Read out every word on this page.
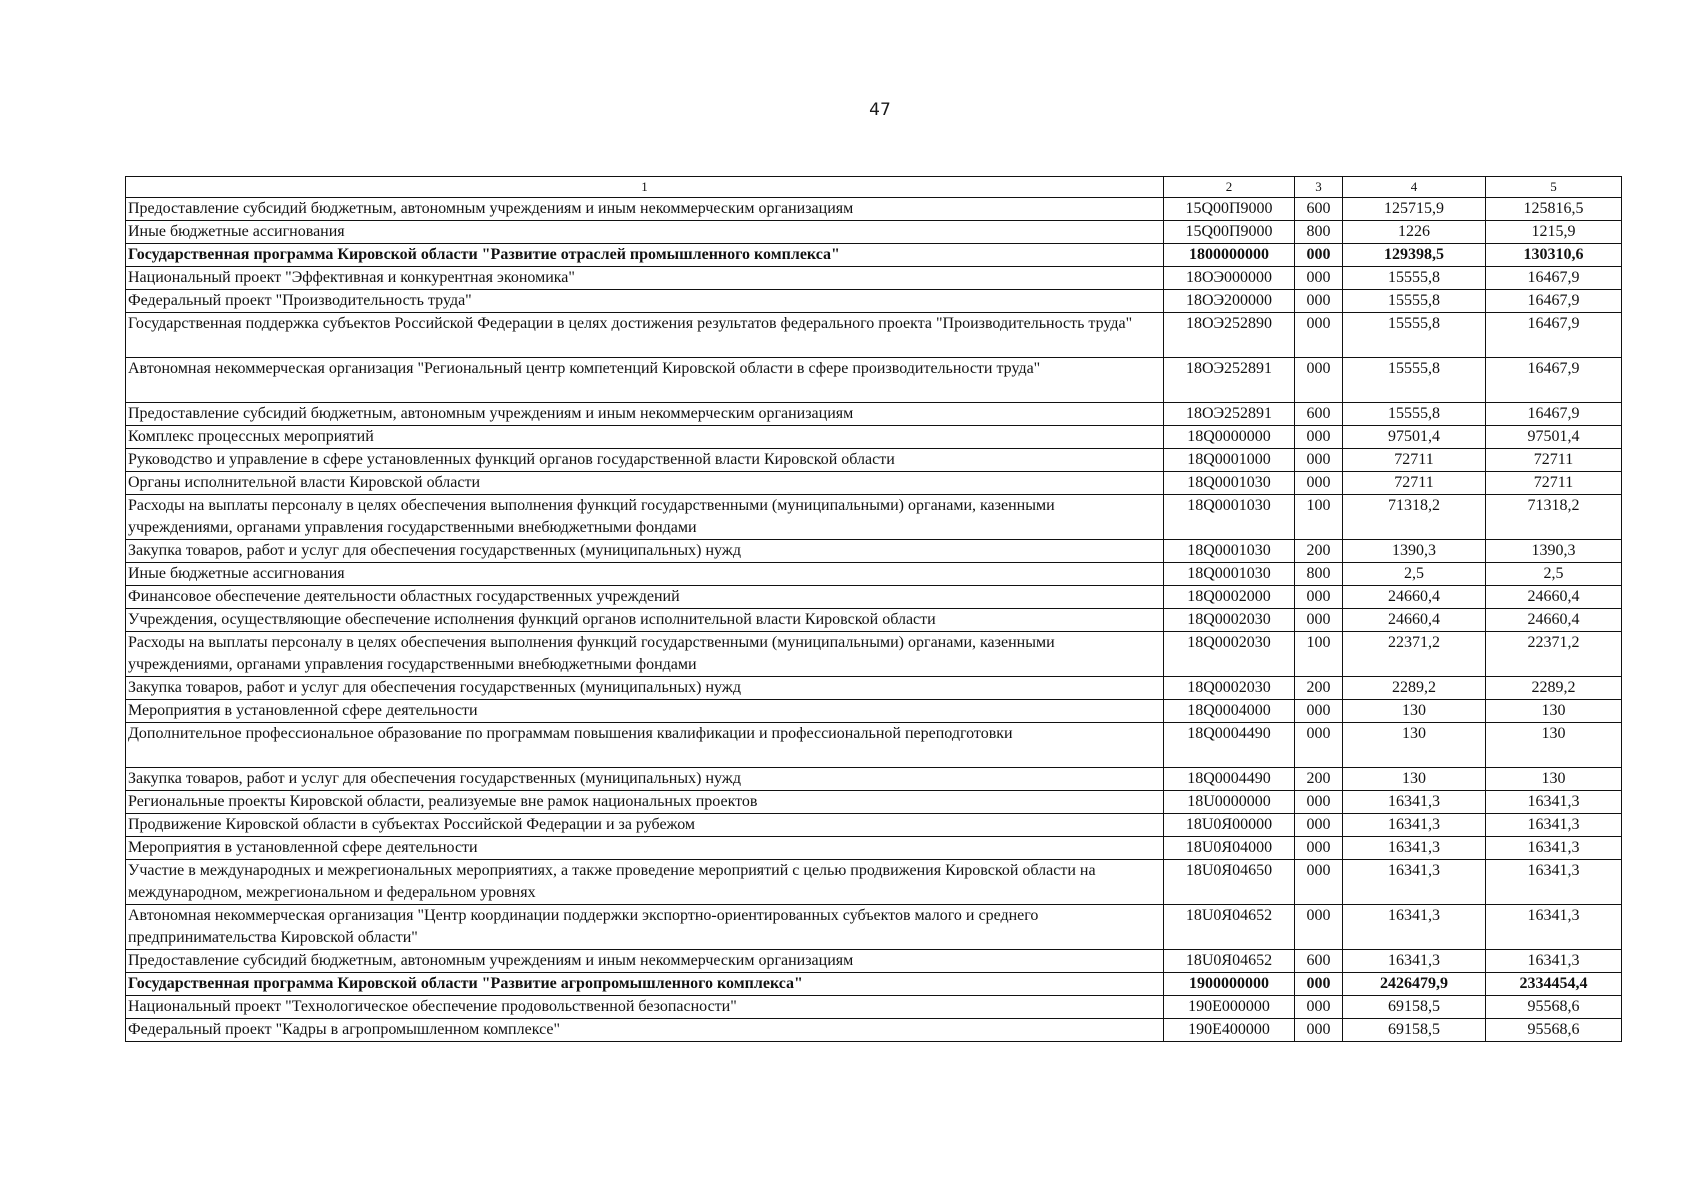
47
1	2	3	4	5
Предоставление субсидий бюджетным, автономным учреждениям и иным некоммерческим организациям	15Q00П9000	600	125715,9	125816,5
Иные бюджетные ассигнования	15Q00П9000	800	1226	1215,9
Государственная программа Кировской области "Развитие отраслей промышленного комплекса"	1800000000	000	129398,5	130310,6
Национальный проект "Эффективная и конкурентная экономика"	18ОЭ000000	000	15555,8	16467,9
Федеральный проект "Производительность труда"	18ОЭ200000	000	15555,8	16467,9
Государственная поддержка субъектов Российской Федерации в целях достижения результатов федерального проекта "Производительность труда"	18ОЭ252890	000	15555,8	16467,9
Автономная некоммерческая организация "Региональный центр компетенций Кировской области в сфере производительности труда"	18ОЭ252891	000	15555,8	16467,9
Предоставление субсидий бюджетным, автономным учреждениям и иным некоммерческим организациям	18ОЭ252891	600	15555,8	16467,9
Комплекс процессных мероприятий	18Q0000000	000	97501,4	97501,4
Руководство и управление в сфере установленных функций органов государственной власти Кировской области	18Q0001000	000	72711	72711
Органы исполнительной власти Кировской области	18Q0001030	000	72711	72711
Расходы на выплаты персоналу в целях обеспечения выполнения функций государственными (муниципальными) органами, казенными учреждениями, органами управления государственными внебюджетными фондами	18Q0001030	100	71318,2	71318,2
Закупка товаров, работ и услуг для обеспечения государственных (муниципальных) нужд	18Q0001030	200	1390,3	1390,3
Иные бюджетные ассигнования	18Q0001030	800	2,5	2,5
Финансовое обеспечение деятельности областных государственных учреждений	18Q0002000	000	24660,4	24660,4
Учреждения, осуществляющие обеспечение исполнения функций органов исполнительной власти Кировской области	18Q0002030	000	24660,4	24660,4
Расходы на выплаты персоналу в целях обеспечения выполнения функций государственными (муниципальными) органами, казенными учреждениями, органами управления государственными внебюджетными фондами	18Q0002030	100	22371,2	22371,2
Закупка товаров, работ и услуг для обеспечения государственных (муниципальных) нужд	18Q0002030	200	2289,2	2289,2
Мероприятия в установленной сфере деятельности	18Q0004000	000	130	130
Дополнительное профессиональное образование по программам повышения квалификации и профессиональной переподготовки	18Q0004490	000	130	130
Закупка товаров, работ и услуг для обеспечения государственных (муниципальных) нужд	18Q0004490	200	130	130
Региональные проекты Кировской области, реализуемые вне рамок национальных проектов	18U0000000	000	16341,3	16341,3
Продвижение Кировской области в субъектах Российской Федерации и за рубежом	18U0Я00000	000	16341,3	16341,3
Мероприятия в установленной сфере деятельности	18U0Я04000	000	16341,3	16341,3
Участие в международных и межрегиональных мероприятиях, а также проведение мероприятий с целью продвижения Кировской области на международном, межрегиональном и федеральном уровнях	18U0Я04650	000	16341,3	16341,3
Автономная некоммерческая организация "Центр координации поддержки экспортно-ориентированных субъектов малого и среднего предпринимательства Кировской области"	18U0Я04652	000	16341,3	16341,3
Предоставление субсидий бюджетным, автономным учреждениям и иным некоммерческим организациям	18U0Я04652	600	16341,3	16341,3
Государственная программа Кировской области "Развитие агропромышленного комплекса"	1900000000	000	2426479,9	2334454,4
Национальный проект "Технологическое обеспечение продовольственной безопасности"	190Е000000	000	69158,5	95568,6
Федеральный проект "Кадры в агропромышленном комплексе"	190Е400000	000	69158,5	95568,6
